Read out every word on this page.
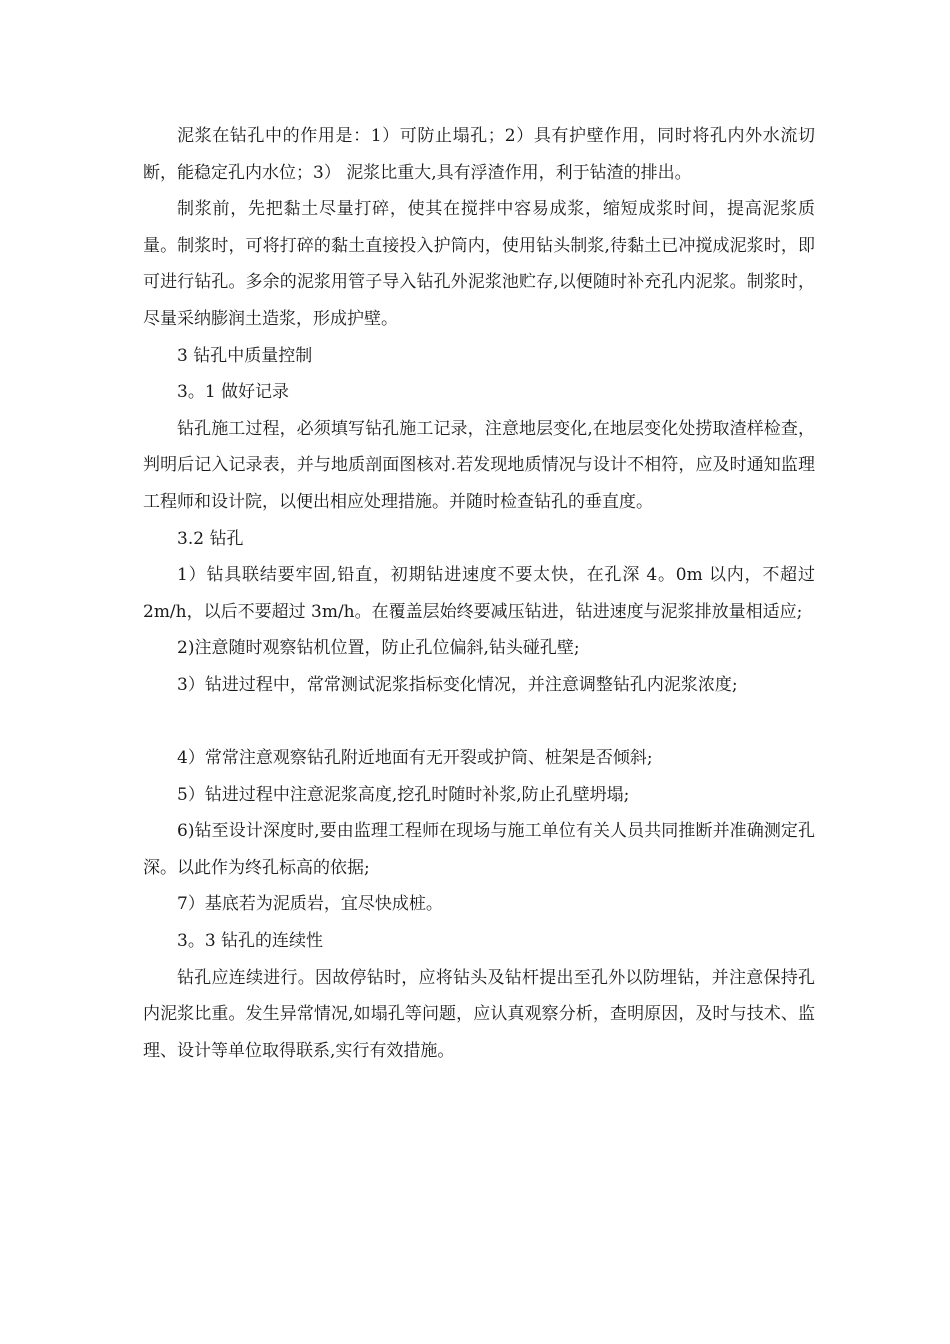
泥浆在钻孔中的作用是：1）可防止塌孔；2）具有护壁作用，同时将孔内外水流切断，能稳定孔内水位；3） 泥浆比重大,具有浮渣作用，利于钻渣的排出。

制浆前，先把黏土尽量打碎，使其在搅拌中容易成浆，缩短成浆时间，提高泥浆质量。制浆时，可将打碎的黏土直接投入护筒内，使用钻头制浆,待黏土已冲搅成泥浆时，即可进行钻孔。多余的泥浆用管子导入钻孔外泥浆池贮存,以便随时补充孔内泥浆。制浆时，尽量采纳膨润土造浆，形成护壁。

3 钻孔中质量控制

3。1 做好记录

钻孔施工过程，必须填写钻孔施工记录，注意地层变化,在地层变化处捞取渣样检查，判明后记入记录表，并与地质剖面图核对.若发现地质情况与设计不相符，应及时通知监理工程师和设计院，以便出相应处理措施。并随时检查钻孔的垂直度。

3.2 钻孔

1）钻具联结要牢固,铅直，初期钻进速度不要太快，在孔深 4。0m 以内，不超过 2m/h，以后不要超过 3m/h。在覆盖层始终要减压钻进，钻进速度与泥浆排放量相适应;

2)注意随时观察钻机位置，防止孔位偏斜,钻头碰孔壁;

3）钻进过程中，常常测试泥浆指标变化情况，并注意调整钻孔内泥浆浓度;

4）常常注意观察钻孔附近地面有无开裂或护筒、桩架是否倾斜;

5）钻进过程中注意泥浆高度,挖孔时随时补浆,防止孔壁坍塌;

6)钻至设计深度时,要由监理工程师在现场与施工单位有关人员共同推断并准确测定孔深。以此作为终孔标高的依据;

7）基底若为泥质岩，宜尽快成桩。

3。3 钻孔的连续性

钻孔应连续进行。因故停钻时，应将钻头及钻杆提出至孔外以防埋钻，并注意保持孔内泥浆比重。发生异常情况,如塌孔等问题，应认真观察分析，查明原因，及时与技术、监理、设计等单位取得联系,实行有效措施。
